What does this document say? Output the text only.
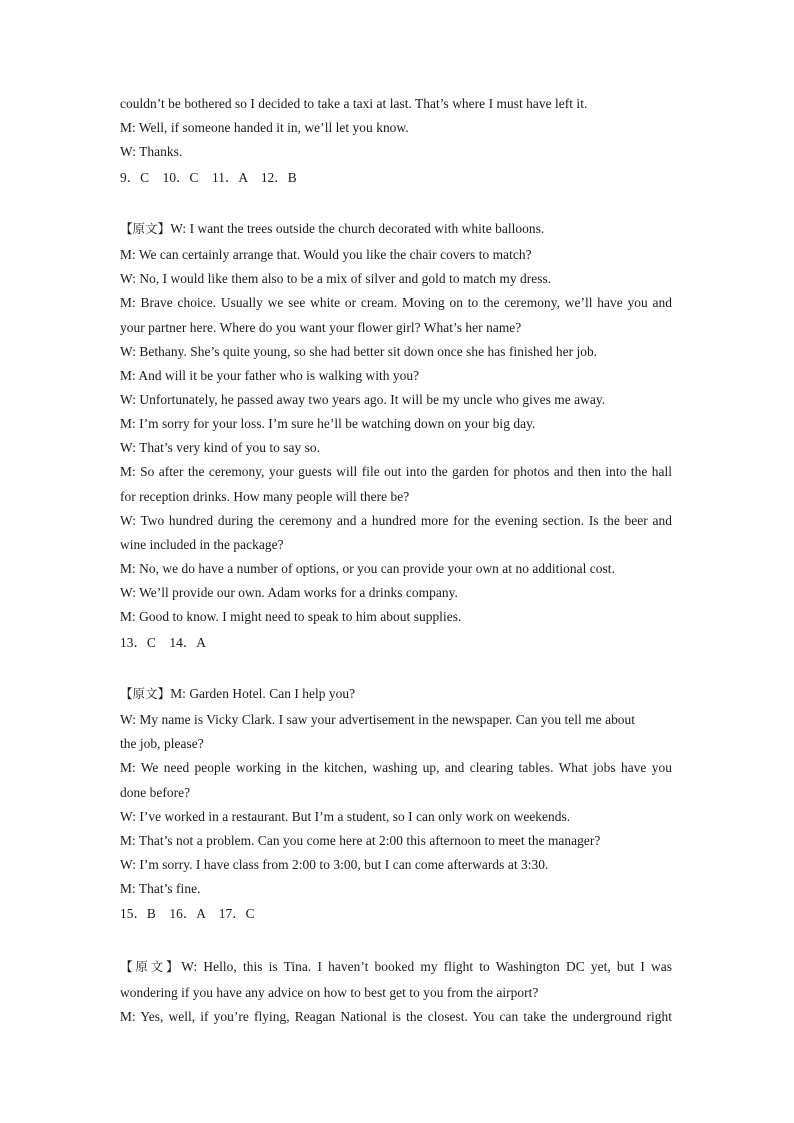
couldn’t be bothered so I decided to take a taxi at last. That’s where I must have left it.
M: Well, if someone handed it in, we’ll let you know.
W: Thanks.
9．C　10．C　11．A　12．B
【原文】W: I want the trees outside the church decorated with white balloons.
M: We can certainly arrange that. Would you like the chair covers to match?
W: No, I would like them also to be a mix of silver and gold to match my dress.
M: Brave choice. Usually we see white or cream. Moving on to the ceremony, we’ll have you and
your partner here. Where do you want your flower girl? What’s her name?
W: Bethany. She’s quite young, so she had better sit down once she has finished her job.
M: And will it be your father who is walking with you?
W: Unfortunately, he passed away two years ago. It will be my uncle who gives me away.
M: I’m sorry for your loss. I’m sure he’ll be watching down on your big day.
W: That’s very kind of you to say so.
M: So after the ceremony, your guests will file out into the garden for photos and then into the hall
for reception drinks. How many people will there be?
W: Two hundred during the ceremony and a hundred more for the evening section. Is the beer and
wine included in the package?
M: No, we do have a number of options, or you can provide your own at no additional cost.
W: We’ll provide our own. Adam works for a drinks company.
M: Good to know. I might need to speak to him about supplies.
13．C　14．A
【原文】M: Garden Hotel. Can I help you?
W: My name is Vicky Clark. I saw your advertisement in the newspaper. Can you tell me about
the job, please?
M: We need people working in the kitchen, washing up, and clearing tables. What jobs have you
done before?
W: I’ve worked in a restaurant. But I’m a student, so I can only work on weekends.
M: That’s not a problem. Can you come here at 2:00 this afternoon to meet the manager?
W: I’m sorry. I have class from 2:00 to 3:00, but I can come afterwards at 3:30.
M: That’s fine.
15．B　16．A　17．C
【原文】W: Hello, this is Tina. I haven’t booked my flight to Washington DC yet, but I was
wondering if you have any advice on how to best get to you from the airport?
M: Yes, well, if you’re flying, Reagan National is the closest. You can take the underground right
